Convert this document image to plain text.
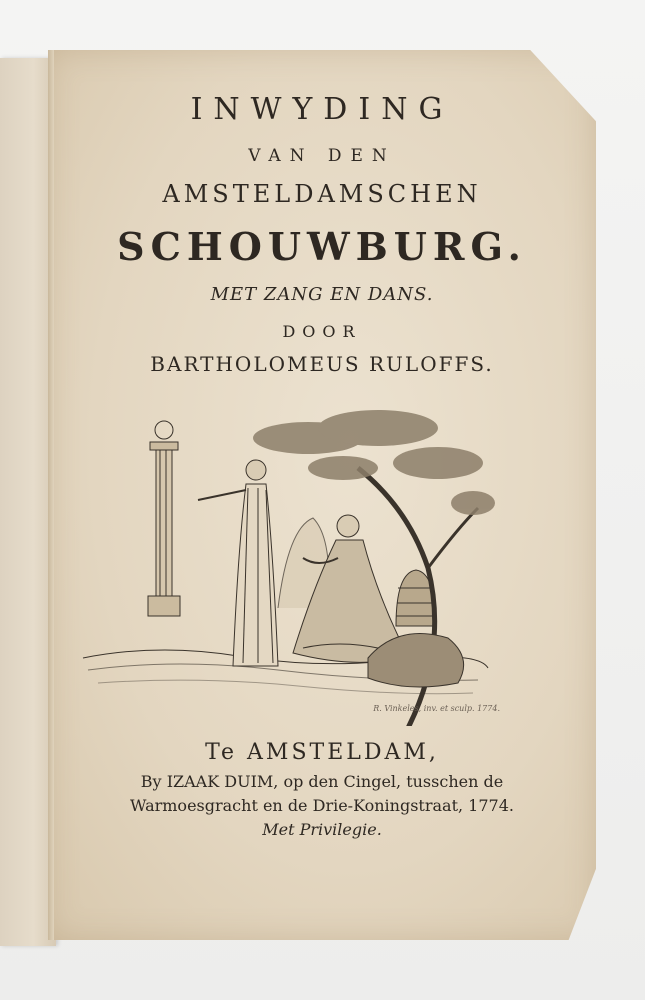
INWYDING
VAN DEN
AMSTELDAMSCHEN
SCHOUWBURG.
MET ZANG EN DANS.
DOOR
BARTHOLOMEUS RULOFFS.
R. Vinkeles, inv. et sculp. 1774.
Te AMSTELDAM,
By IZAAK DUIM, op den Cingel, tusschen de
Warmoesgracht en de Drie-Koningstraat, 1774.
Met Privilegie.
